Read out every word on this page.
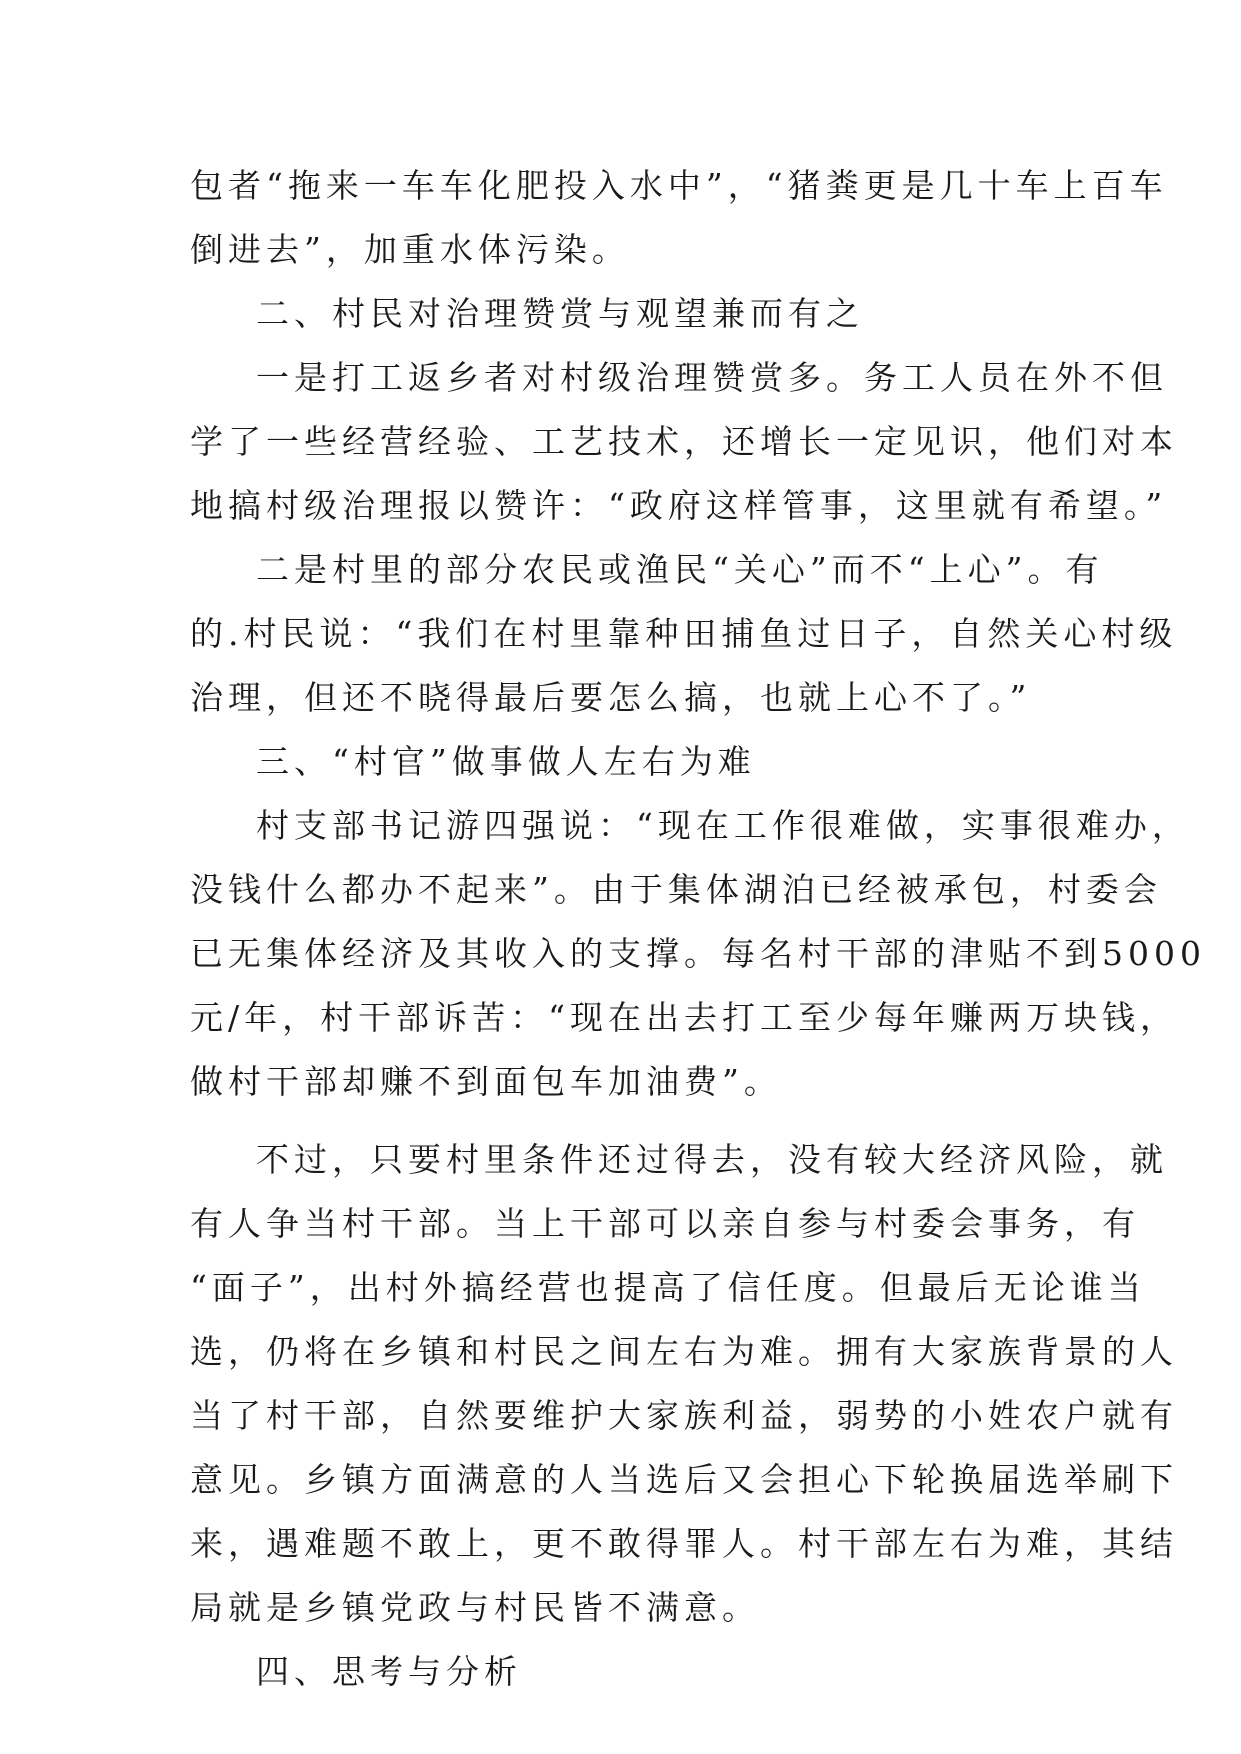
包者“拖来一车车化肥投入水中”，“猪粪更是几十车上百车
倒进去”，加重水体污染。
二、村民对治理赞赏与观望兼而有之
一是打工返乡者对村级治理赞赏多。务工人员在外不但
学了一些经营经验、工艺技术，还增长一定见识，他们对本
地搞村级治理报以赞许：“政府这样管事，这里就有希望。”
二是村里的部分农民或渔民“关心”而不“上心”。有
的.村民说：“我们在村里靠种田捕鱼过日子，自然关心村级
治理，但还不晓得最后要怎么搞，也就上心不了。”
三、“村官”做事做人左右为难
村支部书记游四强说：“现在工作很难做，实事很难办，
没钱什么都办不起来”。由于集体湖泊已经被承包，村委会
已无集体经济及其收入的支撑。每名村干部的津贴不到5000
元/年，村干部诉苦：“现在出去打工至少每年赚两万块钱，
做村干部却赚不到面包车加油费”。
不过，只要村里条件还过得去，没有较大经济风险，就
有人争当村干部。当上干部可以亲自参与村委会事务，有
“面子”，出村外搞经营也提高了信任度。但最后无论谁当
选，仍将在乡镇和村民之间左右为难。拥有大家族背景的人
当了村干部，自然要维护大家族利益，弱势的小姓农户就有
意见。乡镇方面满意的人当选后又会担心下轮换届选举刷下
来，遇难题不敢上，更不敢得罪人。村干部左右为难，其结
局就是乡镇党政与村民皆不满意。
四、思考与分析
